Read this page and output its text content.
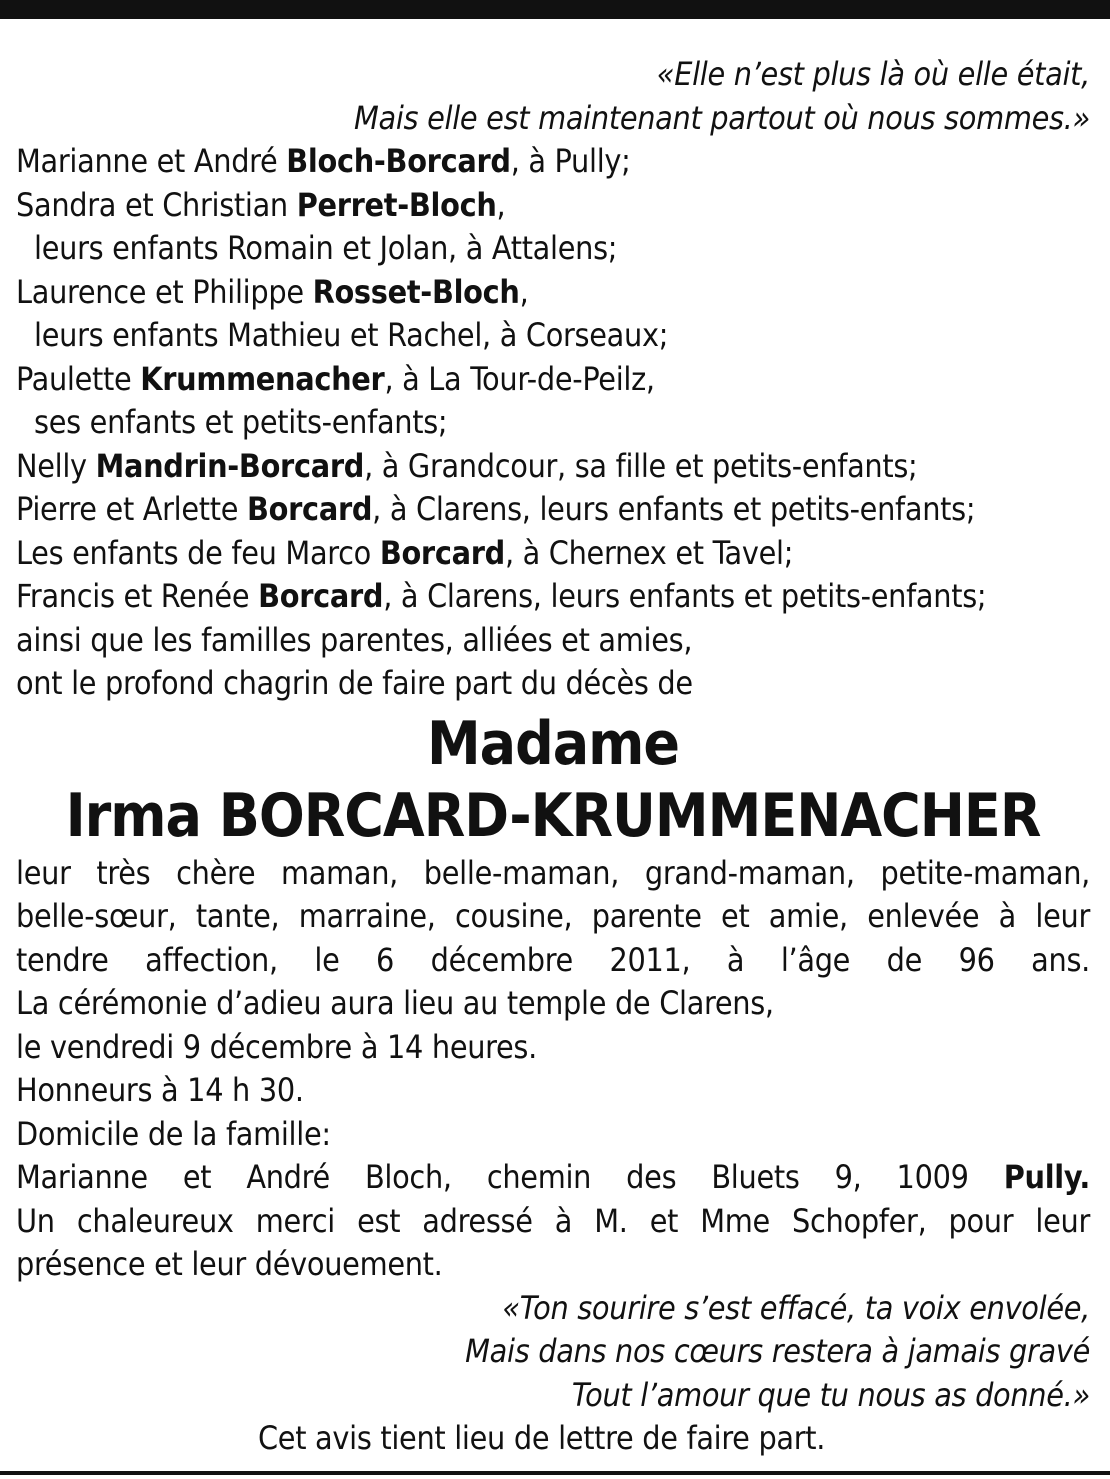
«Elle n’est plus là où elle était,
Mais elle est maintenant partout où nous sommes.»
Marianne et André Bloch-Borcard, à Pully;
Sandra et Christian Perret-Bloch,
leurs enfants Romain et Jolan, à Attalens;
Laurence et Philippe Rosset-Bloch,
leurs enfants Mathieu et Rachel, à Corseaux;
Paulette Krummenacher, à La Tour-de-Peilz,
ses enfants et petits-enfants;
Nelly Mandrin-Borcard, à Grandcour, sa fille et petits-enfants;
Pierre et Arlette Borcard, à Clarens, leurs enfants et petits-enfants;
Les enfants de feu Marco Borcard, à Chernex et Tavel;
Francis et Renée Borcard, à Clarens, leurs enfants et petits-enfants;
ainsi que les familles parentes, alliées et amies,
ont le profond chagrin de faire part du décès de
Madame
Irma BORCARD-KRUMMENACHER
leur très chère maman, belle-maman, grand-maman, petite-maman,
belle-sœur, tante, marraine, cousine, parente et amie, enlevée à leur
tendre affection, le 6 décembre 2011, à l’âge de 96 ans.
La cérémonie d’adieu aura lieu au temple de Clarens,
le vendredi 9 décembre à 14 heures.
Honneurs à 14 h 30.
Domicile de la famille:
Marianne et André Bloch, chemin des Bluets 9, 1009 Pully.
Un chaleureux merci est adressé à M. et Mme Schopfer, pour leur
présence et leur dévouement.
«Ton sourire s’est effacé, ta voix envolée,
Mais dans nos cœurs restera à jamais gravé
Tout l’amour que tu nous as donné.»
Cet avis tient lieu de lettre de faire part.
